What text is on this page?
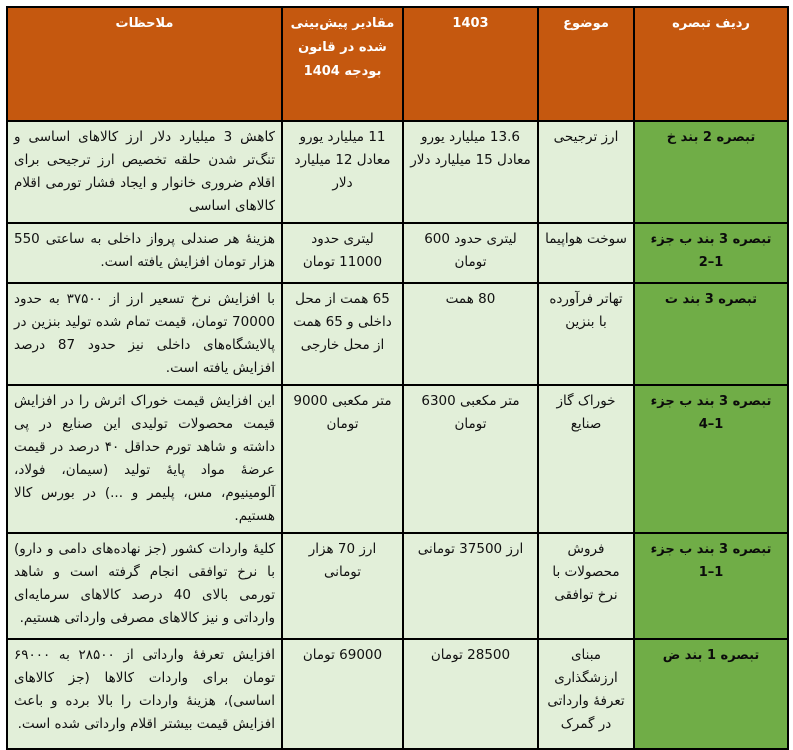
ردیف تبصره	موضوع	1403	مقادیر پیش‌بینی شده در قانون بودجه 1404	ملاحظات
تبصره 2 بند خ	ارز ترجیحی	13.6 میلیارد یورو معادل 15 میلیارد دلار	11 میلیارد یورو معادل 12 میلیارد دلار	کاهش 3 میلیارد دلار ارز کالاهای اساسی و تنگ‌تر شدن حلقه تخصیص ارز ترجیحی برای اقلام ضروری خانوار و ایجاد فشار تورمی اقلام کالاهای اساسی
تبصره 3 بند ب جزء 1–2	سوخت هواپیما	لیتری حدود 600 تومان	لیتری حدود 11000 تومان	هزینهٔ هر صندلی پرواز داخلی به ساعتی 550 هزار تومان افزایش یافته است.
تبصره 3 بند ت	تهاتر فرآورده با بنزین	80 همت	65 همت از محل داخلی و 65 همت از محل خارجی	با افزایش نرخ تسعیر ارز از ۳۷۵۰۰ به حدود 70000 تومان، قیمت تمام شده تولید بنزین در پالایشگاه‌های داخلی نیز حدود 87 درصد افزایش یافته است.
تبصره 3 بند ب جزء 1–4	خوراک گاز صنایع	متر مکعبی 6300 تومان	متر مکعبی 9000 تومان	این افزایش قیمت خوراک اثرش را در افزایش قیمت محصولات تولیدی این صنایع در پی داشته و شاهد تورم حداقل ۴۰ درصد در قیمت عرضهٔ مواد پایهٔ تولید (سیمان، فولاد، آلومینیوم، مس، پلیمر و ...) در بورس کالا هستیم.
تبصره 3 بند ب جزء 1–1	فروش محصولات با نرخ توافقی	ارز 37500 تومانی	ارز 70 هزار تومانی	کلیهٔ واردات کشور (جز نهاده‌های دامی و دارو) با نرخ توافقی انجام گرفته است و شاهد تورمی بالای 40 درصد کالاهای سرمایه‌ای وارداتی و نیز کالاهای مصرفی وارداتی هستیم.
تبصره 1 بند ض	مبنای ارزشگذاری تعرفهٔ وارداتی در گمرک	28500 تومان	69000 تومان	افزایش تعرفهٔ وارداتی از ۲۸۵۰۰ به ۶۹۰۰۰ تومان برای واردات کالاها (جز کالاهای اساسی)، هزینهٔ واردات را بالا برده و باعث افزایش قیمت بیشتر اقلام وارداتی شده است.
